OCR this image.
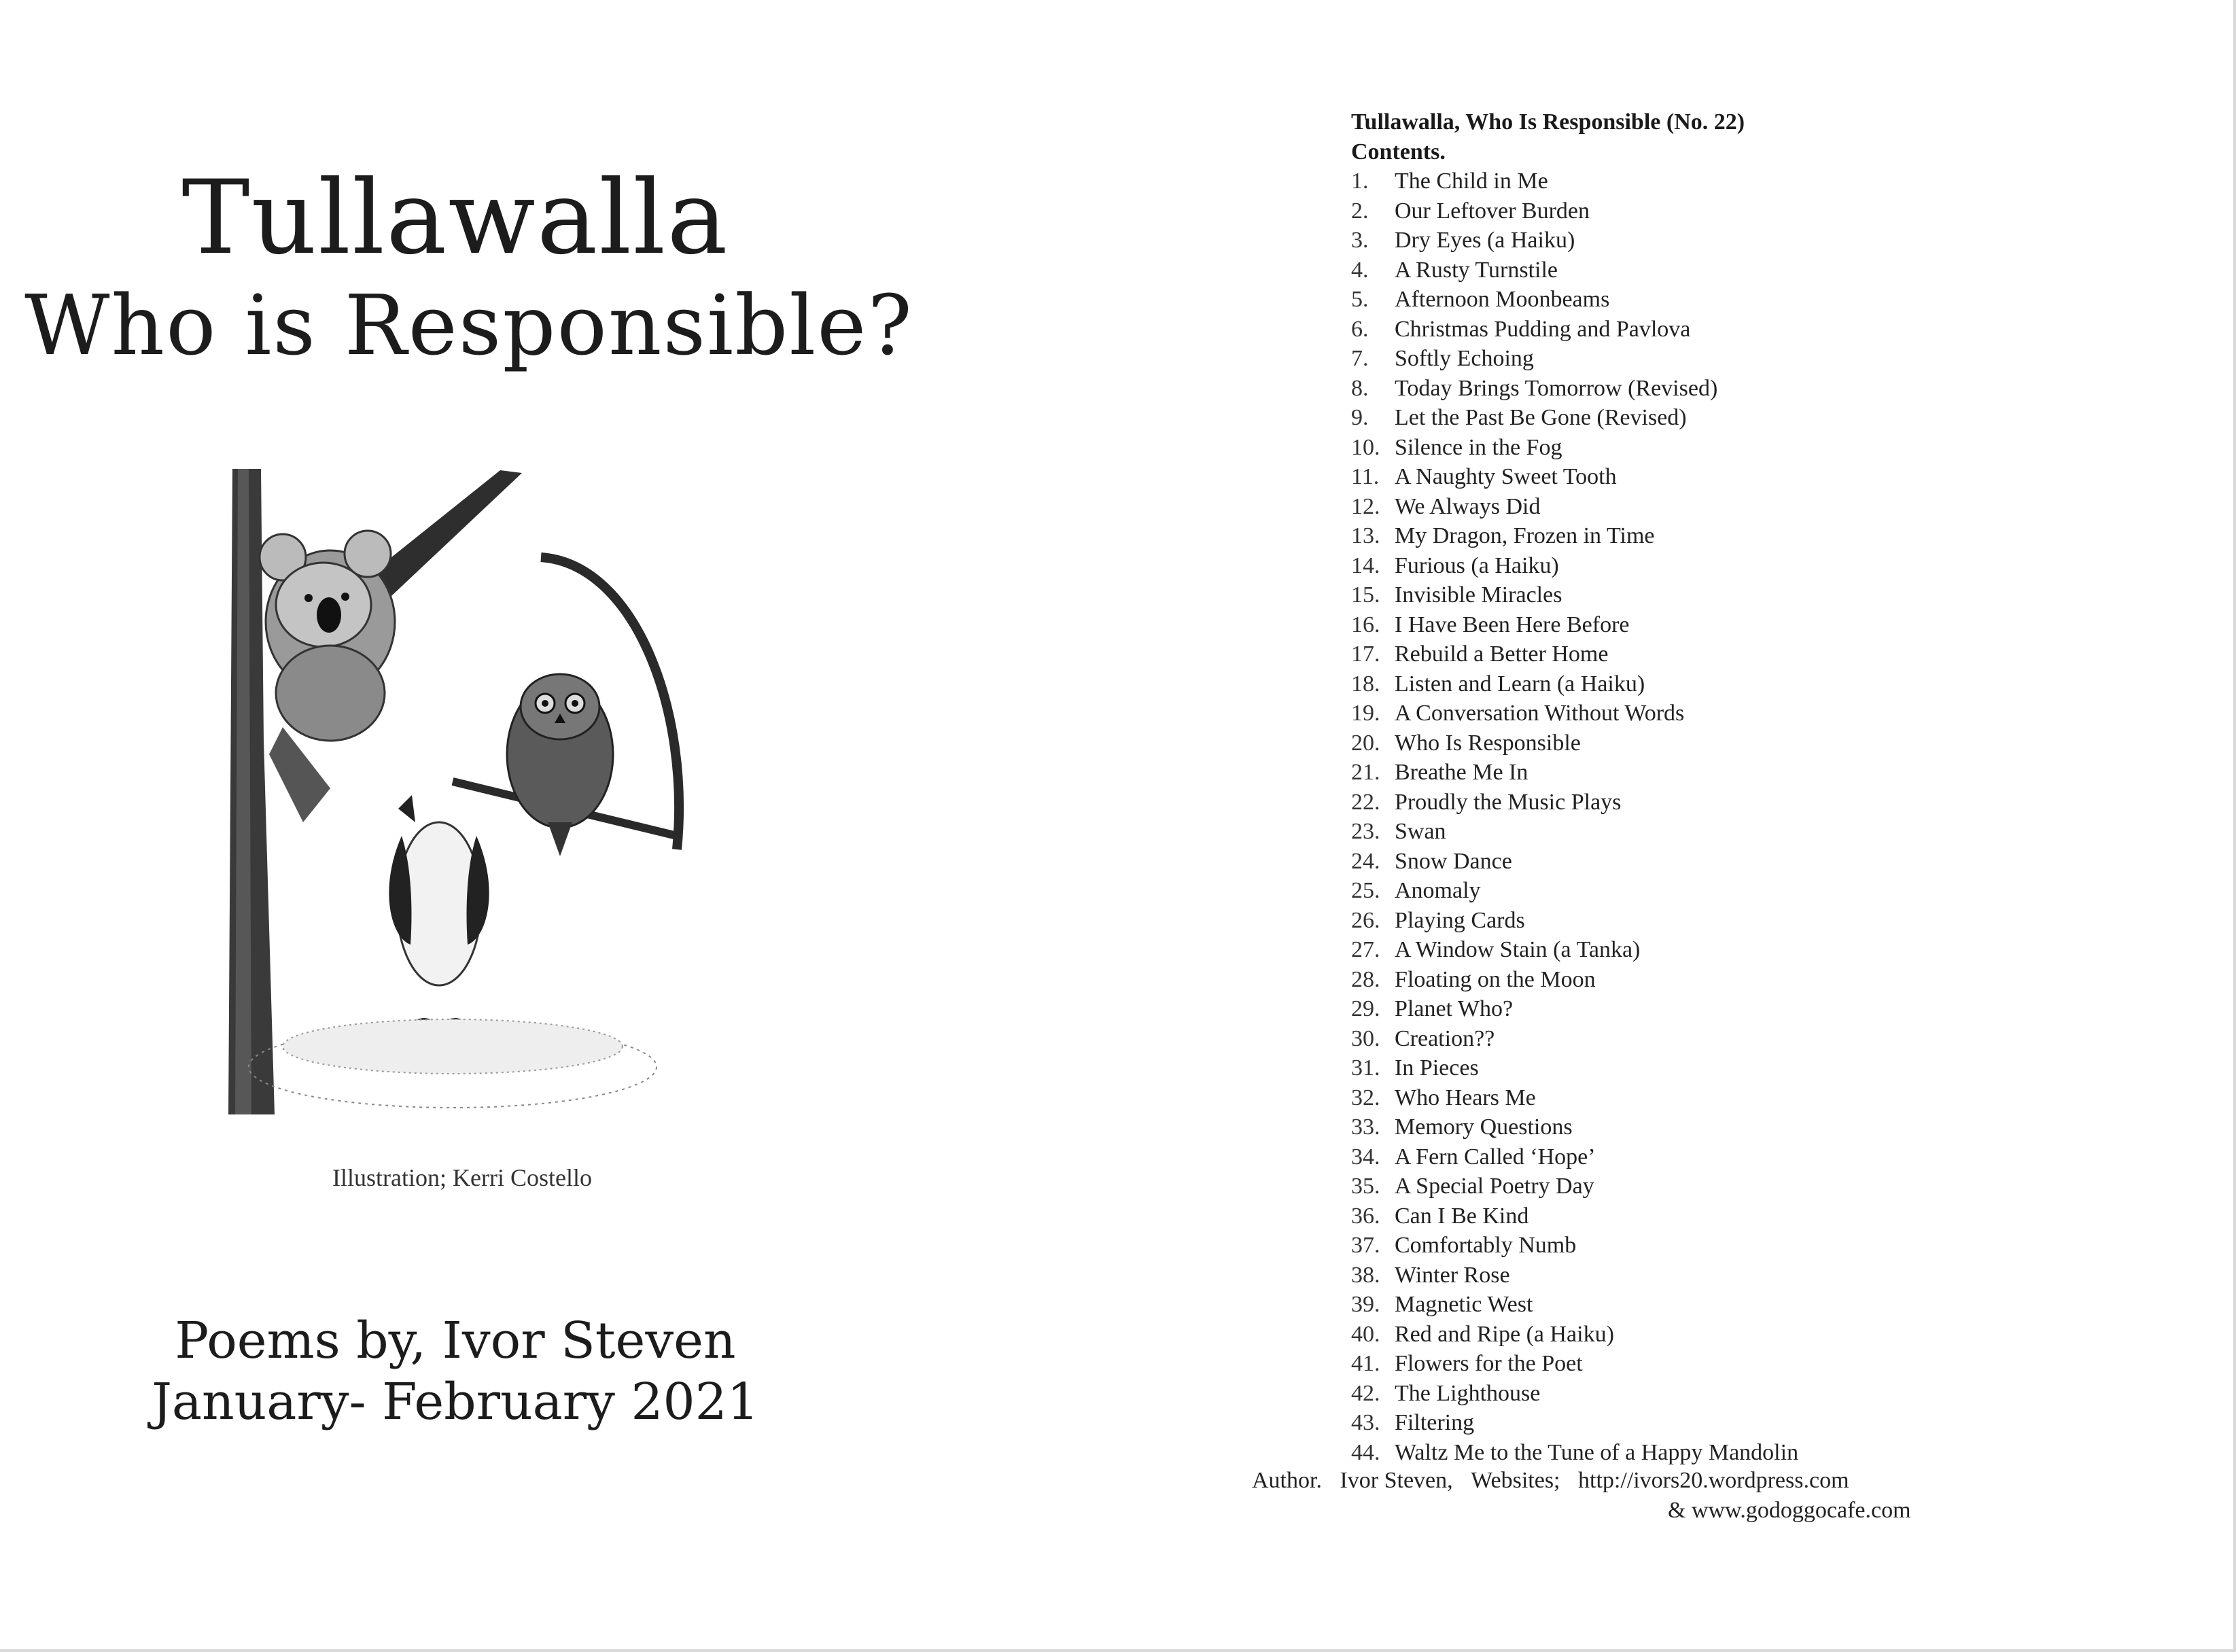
Tullawalla
Who is Responsible?
Illustration; Kerri Costello
Poems by, Ivor Steven
January- February 2021
Tullawalla, Who Is Responsible (No. 22)
Contents.
1.	The Child in Me
2.	Our Leftover Burden
3.	Dry Eyes (a Haiku)
4.	A Rusty Turnstile
5.	Afternoon Moonbeams
6.	Christmas Pudding and Pavlova
7.	Softly Echoing
8.	Today Brings Tomorrow (Revised)
9.	Let the Past Be Gone (Revised)
10. Silence in the Fog
11. A Naughty Sweet Tooth
12. We Always Did
13. My Dragon, Frozen in Time
14. Furious (a Haiku)
15. Invisible Miracles
16. I Have Been Here Before
17. Rebuild a Better Home
18. Listen and Learn (a Haiku)
19. A Conversation Without Words
20. Who Is Responsible
21. Breathe Me In
22. Proudly the Music Plays
23. Swan
24. Snow Dance
25. Anomaly
26. Playing Cards
27. A Window Stain (a Tanka)
28. Floating on the Moon
29. Planet Who?
30. Creation??
31. In Pieces
32. Who Hears Me
33. Memory Questions
34. A Fern Called ‘Hope’
35. A Special Poetry Day
36. Can I Be Kind
37. Comfortably Numb
38. Winter Rose
39. Magnetic West
40. Red and Ripe (a Haiku)
41. Flowers for the Poet
42. The Lighthouse
43. Filtering
44. Waltz Me to the Tune of a Happy Mandolin
Author. Ivor Steven, Websites; http://ivors20.wordpress.com
& www.godoggocafe.com
